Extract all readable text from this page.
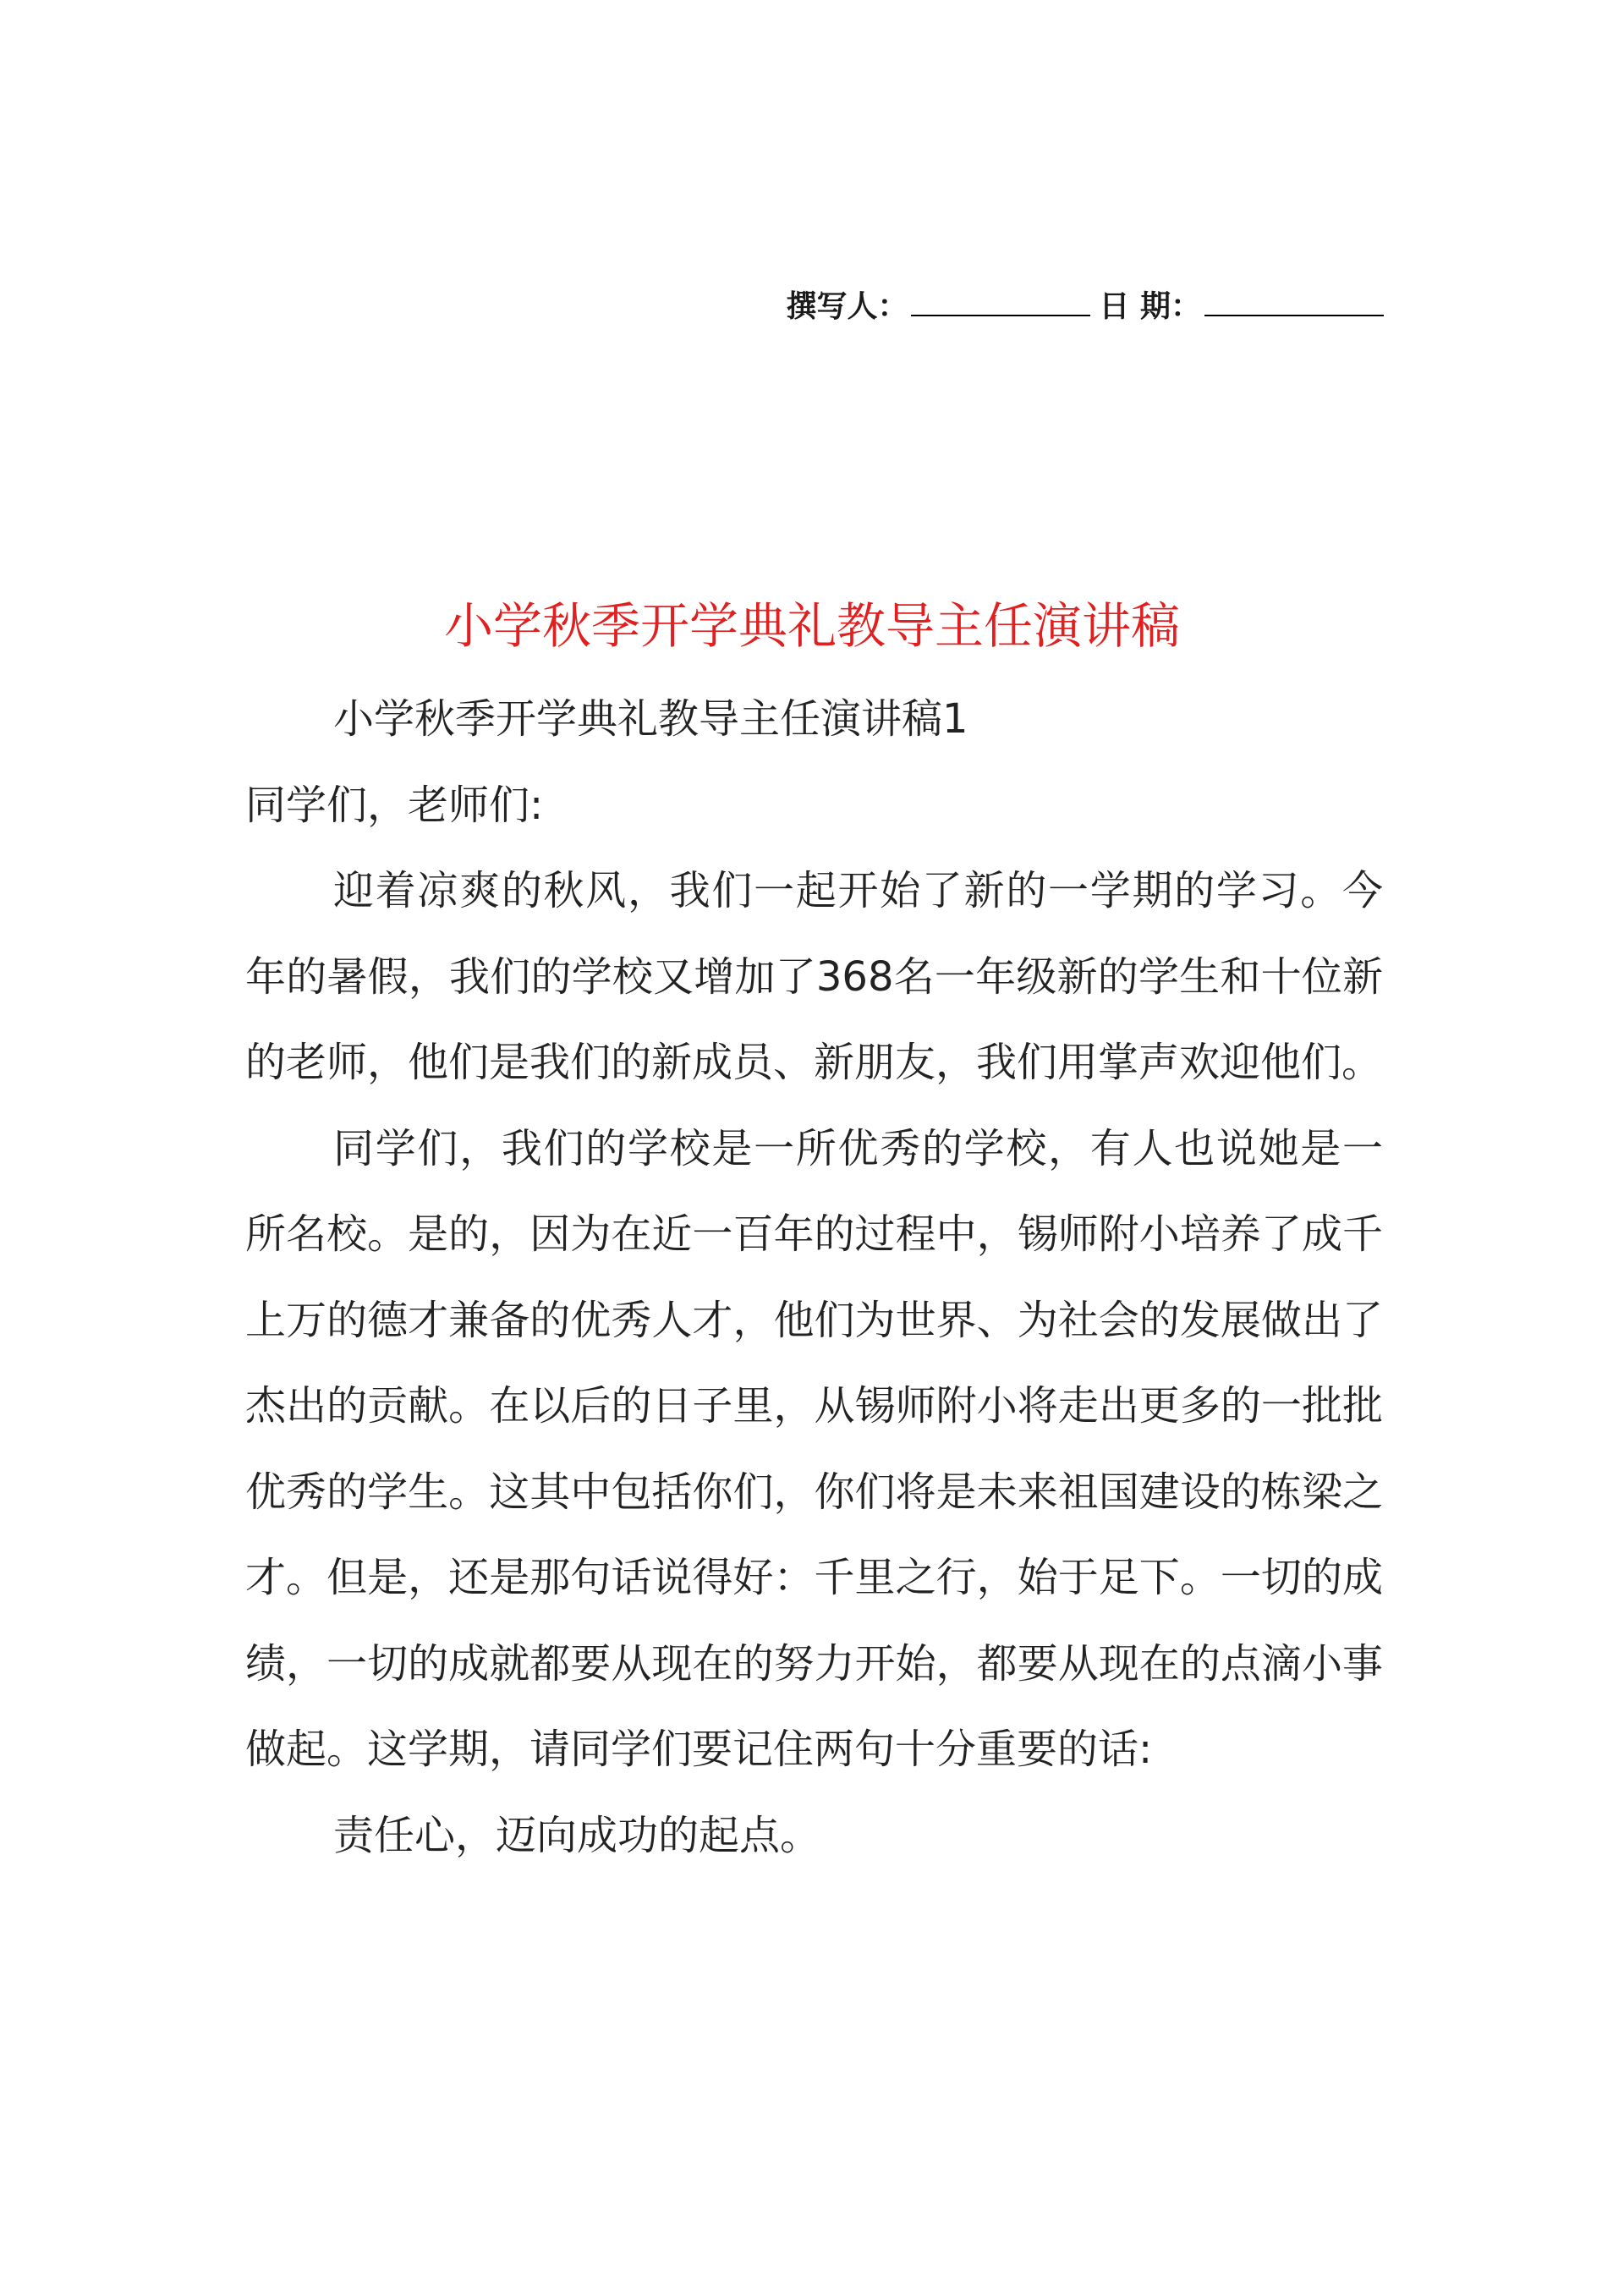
撰写人：	日 期：
小学秋季开学典礼教导主任演讲稿

小学秋季开学典礼教导主任演讲稿1

同学们，老师们:

迎着凉爽的秋风，我们一起开始了新的一学期的学习。今年的暑假，我们的学校又增加了368名一年级新的学生和十位新的老师，他们是我们的新成员、新朋友，我们用掌声欢迎他们。

同学们，我们的学校是一所优秀的学校，有人也说她是一所名校。是的，因为在近一百年的过程中，锡师附小培养了成千上万的德才兼备的优秀人才，他们为世界、为社会的发展做出了杰出的贡献。在以后的日子里，从锡师附小将走出更多的一批批优秀的学生。这其中包括你们，你们将是未来祖国建设的栋梁之才。但是，还是那句话说得好：千里之行，始于足下。一切的成绩，一切的成就都要从现在的努力开始，都要从现在的点滴小事做起。这学期，请同学们要记住两句十分重要的话:

责任心，迈向成功的起点。
